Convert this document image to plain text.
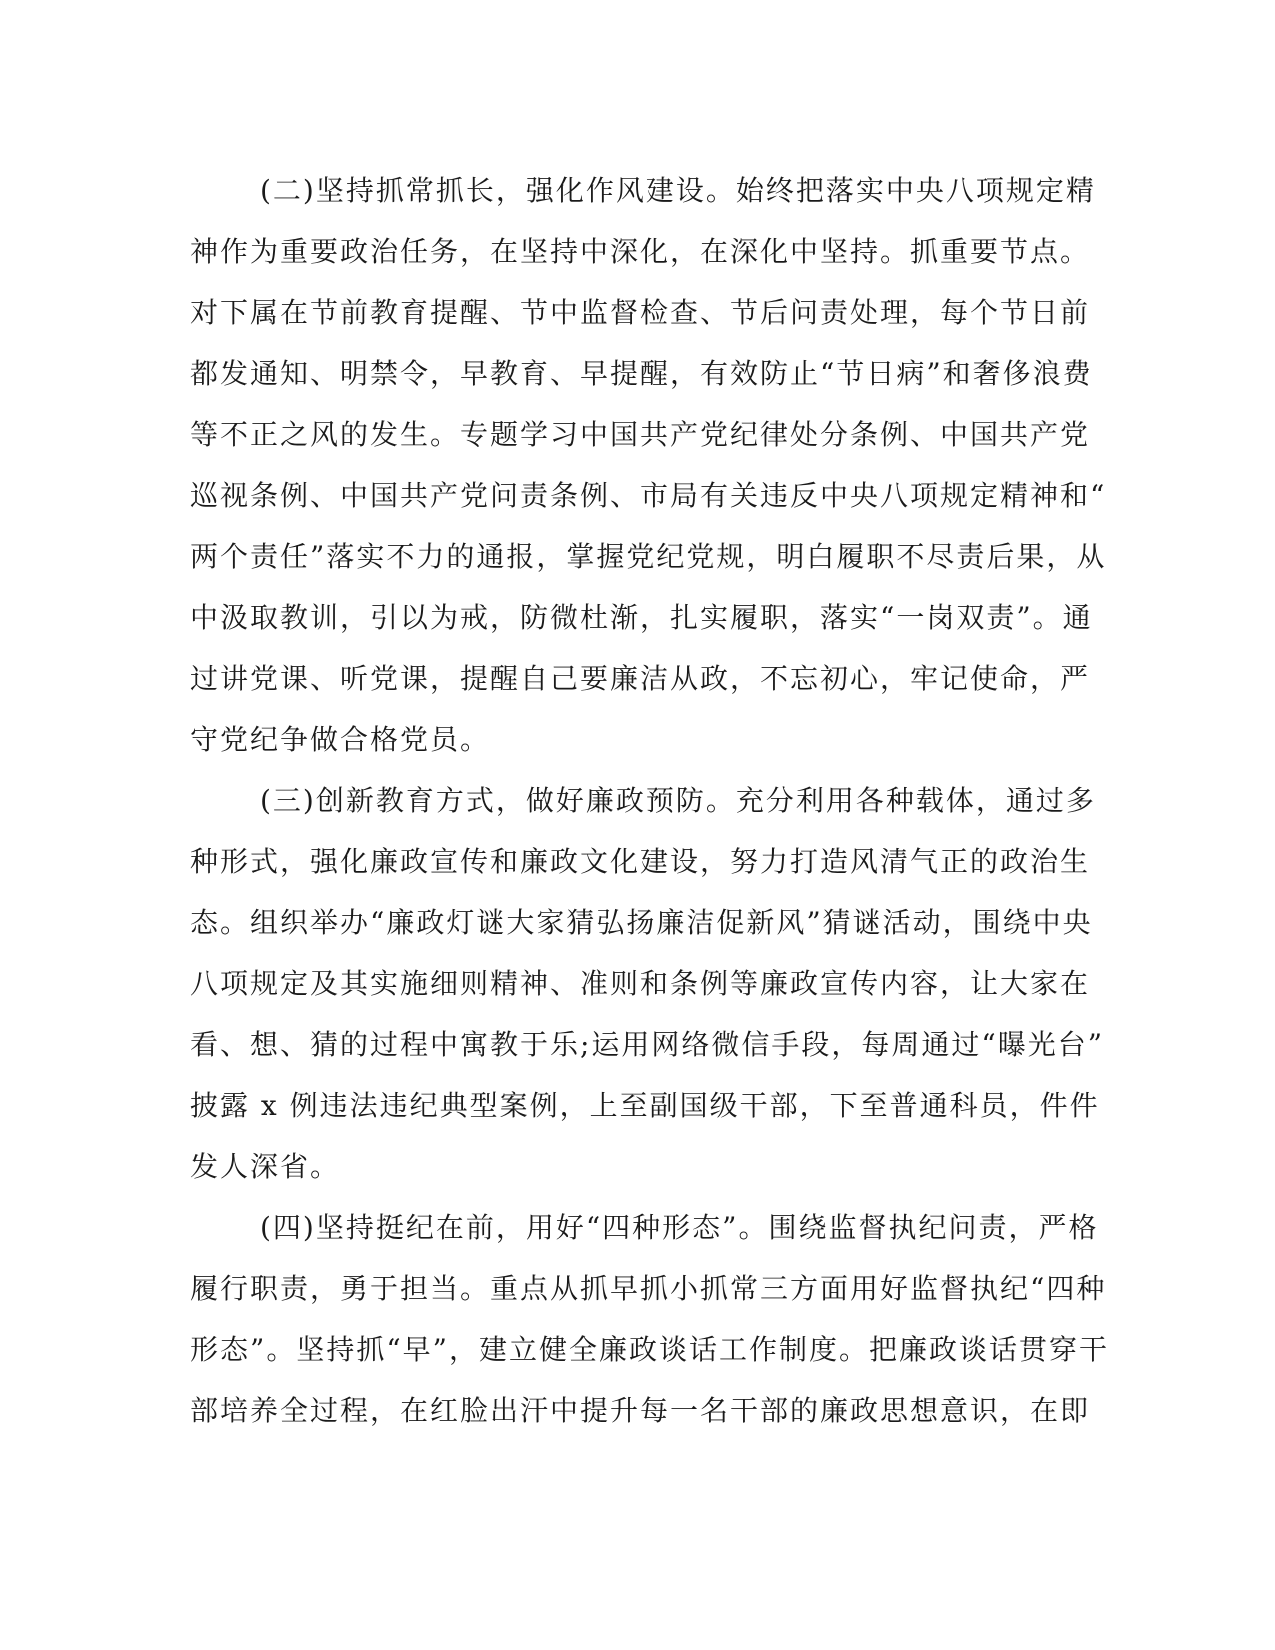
(二)坚持抓常抓长，强化作风建设。始终把落实中央八项规定精
神作为重要政治任务，在坚持中深化，在深化中坚持。抓重要节点。
对下属在节前教育提醒、节中监督检查、节后问责处理，每个节日前
都发通知、明禁令，早教育、早提醒，有效防止“节日病”和奢侈浪费
等不正之风的发生。专题学习中国共产党纪律处分条例、中国共产党
巡视条例、中国共产党问责条例、市局有关违反中央八项规定精神和“
两个责任”落实不力的通报，掌握党纪党规，明白履职不尽责后果，从
中汲取教训，引以为戒，防微杜渐，扎实履职，落实“一岗双责”。通
过讲党课、听党课，提醒自己要廉洁从政，不忘初心，牢记使命，严
守党纪争做合格党员。
(三)创新教育方式，做好廉政预防。充分利用各种载体，通过多
种形式，强化廉政宣传和廉政文化建设，努力打造风清气正的政治生
态。组织举办“廉政灯谜大家猜弘扬廉洁促新风”猜谜活动，围绕中央
八项规定及其实施细则精神、准则和条例等廉政宣传内容，让大家在
看、想、猜的过程中寓教于乐;运用网络微信手段，每周通过“曝光台”
披露 x 例违法违纪典型案例，上至副国级干部，下至普通科员，件件
发人深省。
(四)坚持挺纪在前，用好“四种形态”。围绕监督执纪问责，严格
履行职责，勇于担当。重点从抓早抓小抓常三方面用好监督执纪“四种
形态”。坚持抓“早”，建立健全廉政谈话工作制度。把廉政谈话贯穿干
部培养全过程，在红脸出汗中提升每一名干部的廉政思想意识，在即
